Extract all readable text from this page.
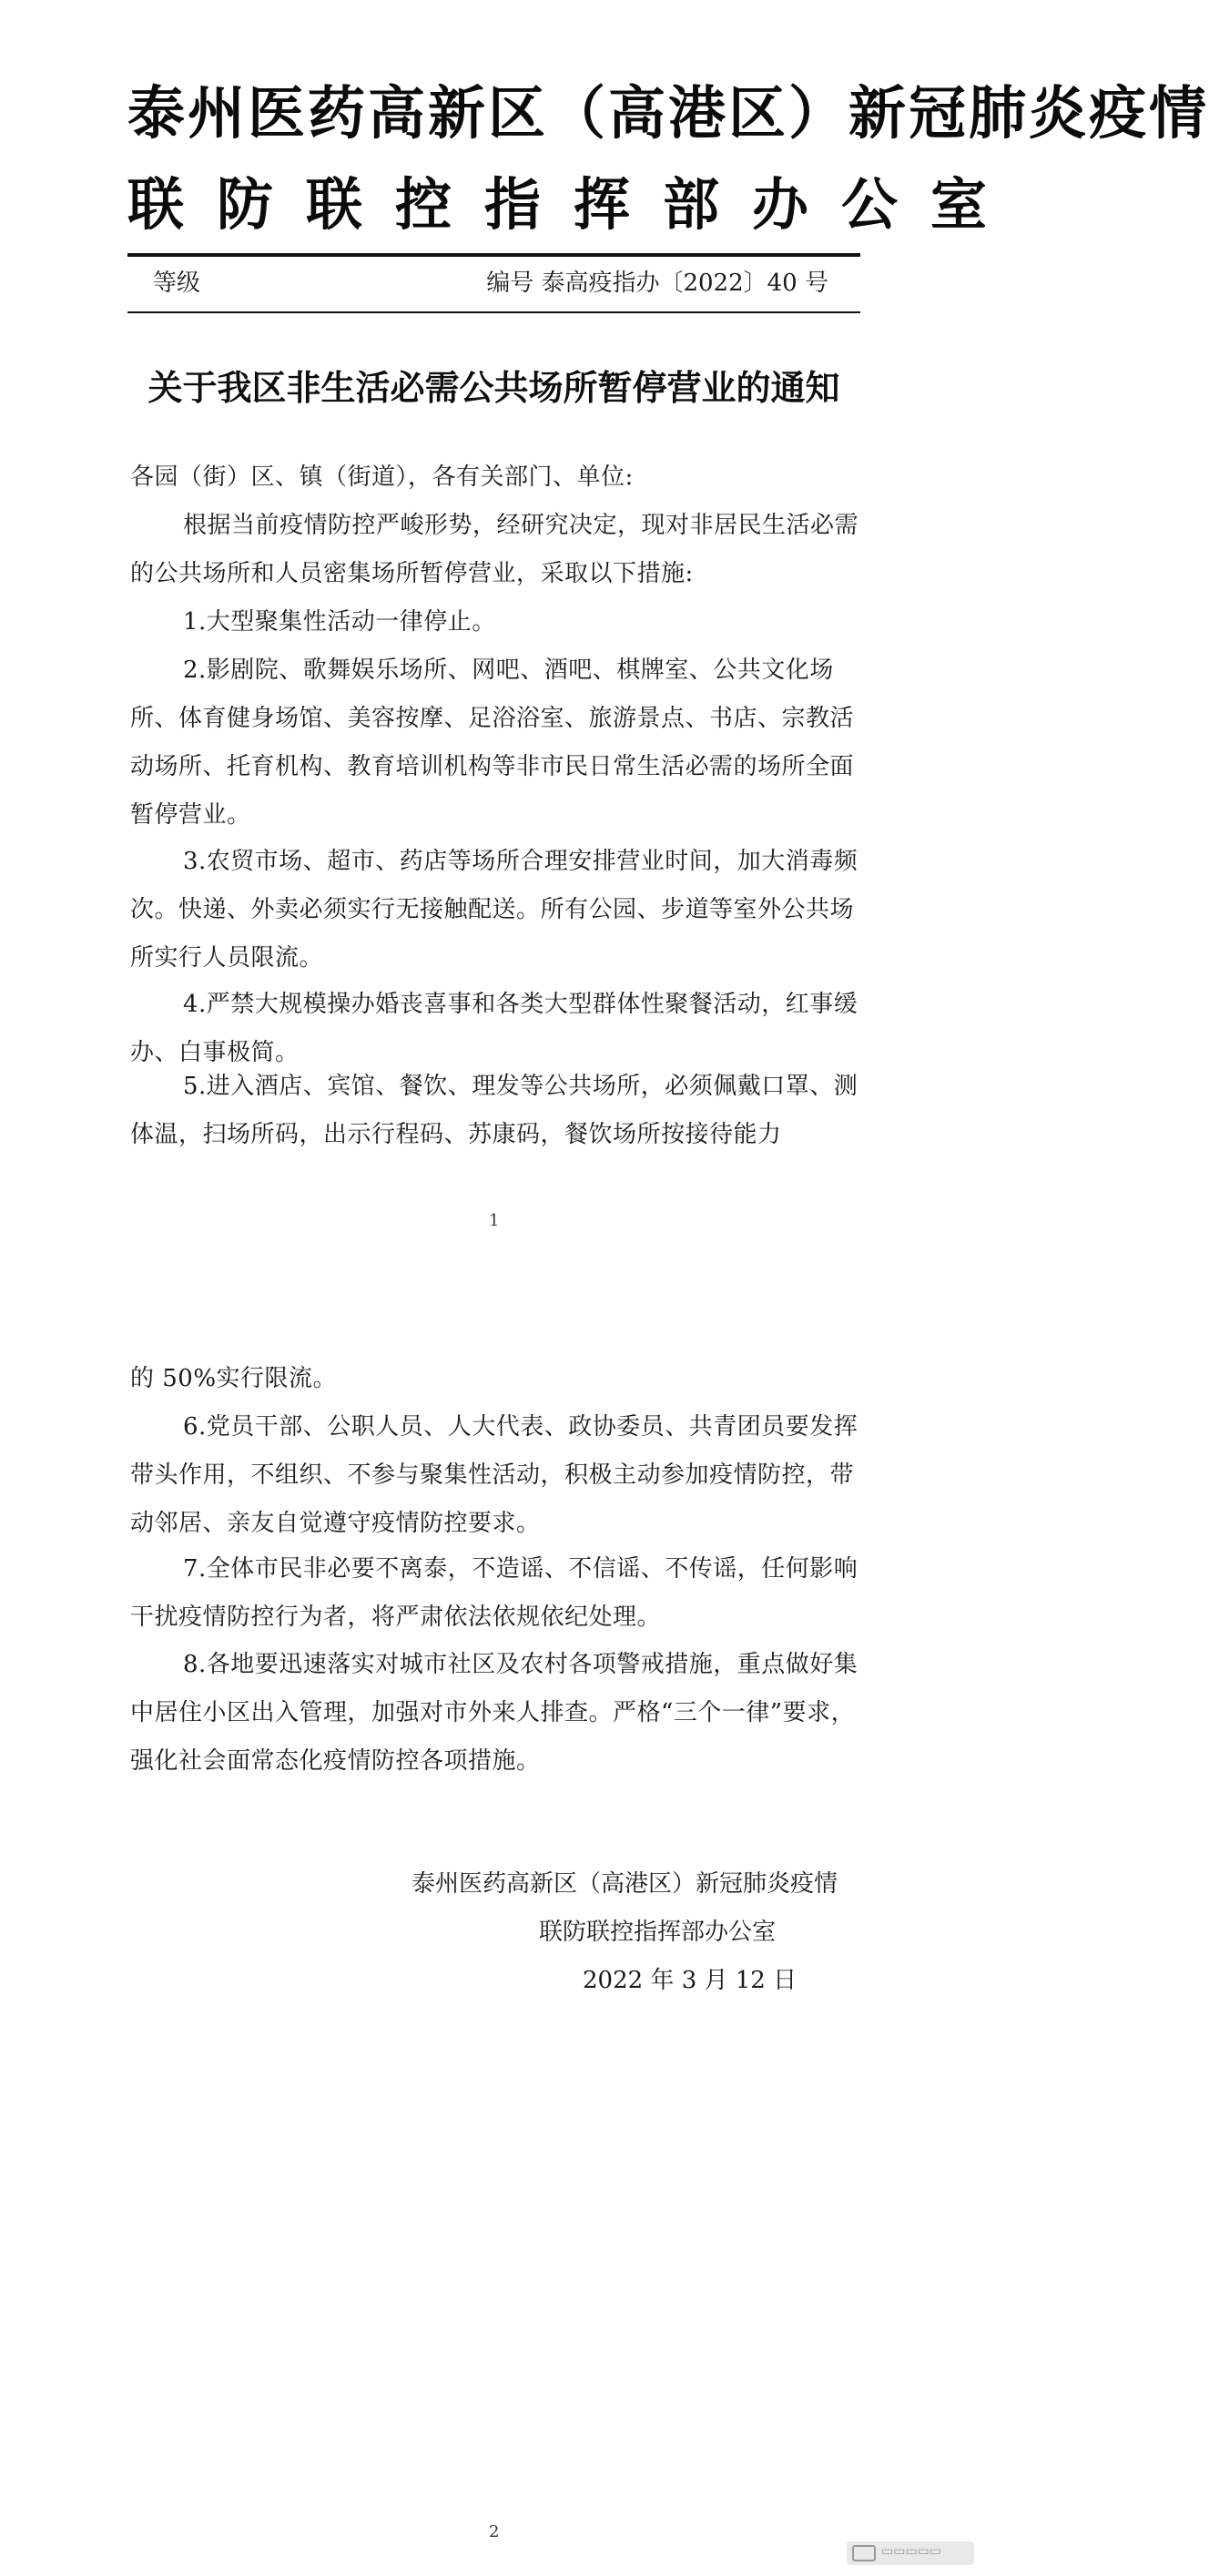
泰州医药高新区（高港区）新冠肺炎疫情
联防联控指挥部办公室
等级	编号 泰高疫指办〔2022〕40 号
关于我区非生活必需公共场所暂停营业的通知
各园（街）区、镇（街道），各有关部门、单位:
根据当前疫情防控严峻形势，经研究决定，现对非居民生活必需的公共场所和人员密集场所暂停营业，采取以下措施:
1.大型聚集性活动一律停止。
2.影剧院、歌舞娱乐场所、网吧、酒吧、棋牌室、公共文化场所、体育健身场馆、美容按摩、足浴浴室、旅游景点、书店、宗教活动场所、托育机构、教育培训机构等非市民日常生活必需的场所全面暂停营业。
3.农贸市场、超市、药店等场所合理安排营业时间，加大消毒频次。快递、外卖必须实行无接触配送。所有公园、步道等室外公共场所实行人员限流。
4.严禁大规模操办婚丧喜事和各类大型群体性聚餐活动，红事缓办、白事极简。
5.进入酒店、宾馆、餐饮、理发等公共场所，必须佩戴口罩、测体温，扫场所码，出示行程码、苏康码，餐饮场所按接待能力
1
的 50%实行限流。
6.党员干部、公职人员、人大代表、政协委员、共青团员要发挥带头作用，不组织、不参与聚集性活动，积极主动参加疫情防控，带动邻居、亲友自觉遵守疫情防控要求。
7.全体市民非必要不离泰，不造谣、不信谣、不传谣，任何影响干扰疫情防控行为者，将严肃依法依规依纪处理。
8.各地要迅速落实对城市社区及农村各项警戒措施，重点做好集中居住小区出入管理，加强对市外来人排查。严格“三个一律”要求，强化社会面常态化疫情防控各项措施。
泰州医药高新区（高港区）新冠肺炎疫情
联防联控指挥部办公室
2022 年 3 月 12 日
2
▭▭▭▭▭
